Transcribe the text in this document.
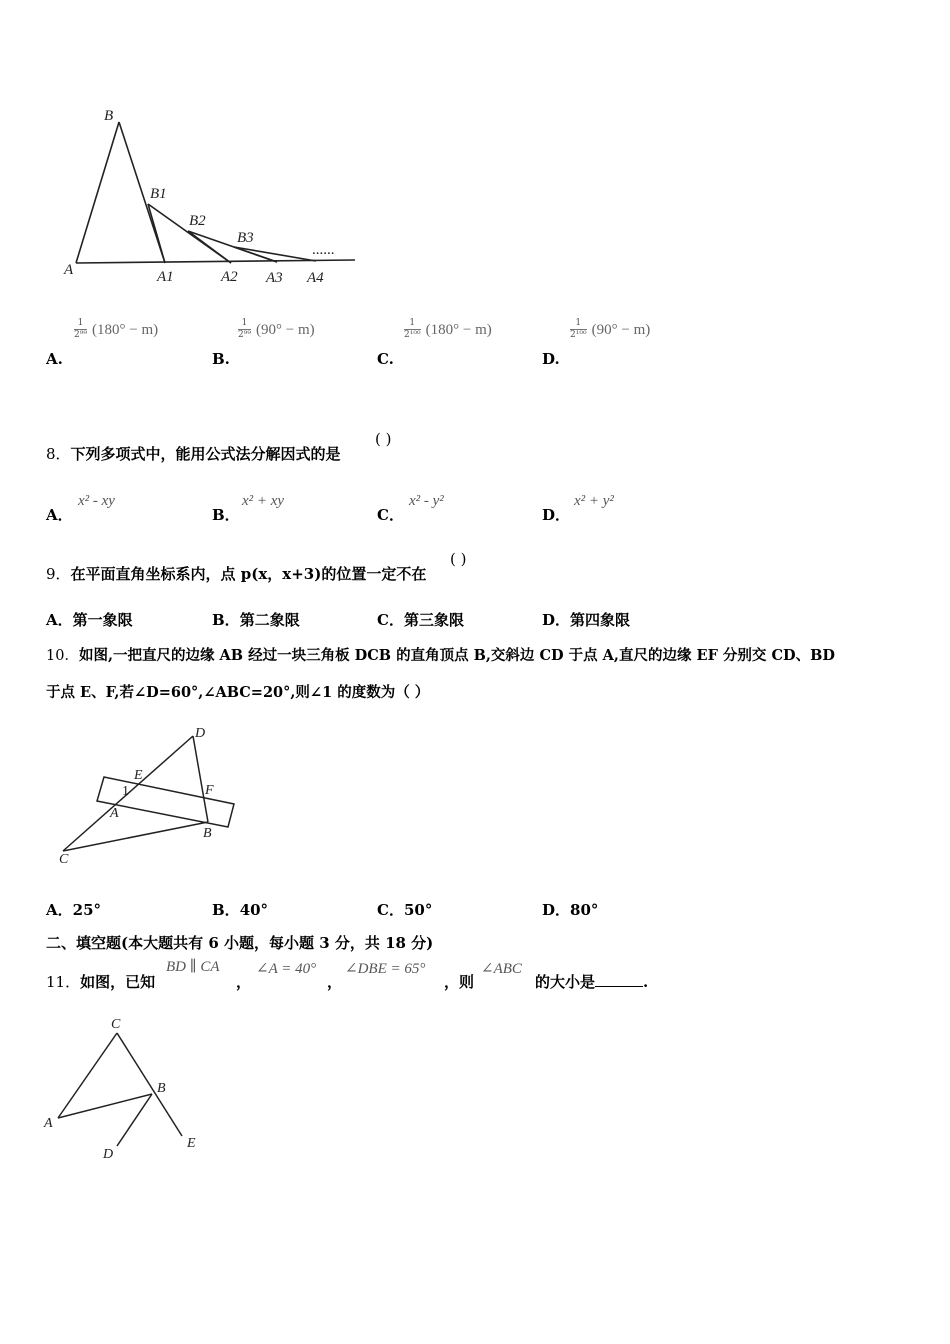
B
B1
B2
B3
......
A	A1	A2 A3 A4
$\frac{1}{\text{2⁹⁹}} (180^\circ - m)$
A.
$\frac{1}{\text{2⁹⁹}} (90^\circ - m)$
B.
$\frac{1}{\text{2¹⁰⁰}} (180^\circ - m)$
C.
$\frac{1}{\text{2¹⁰⁰}} (90^\circ - m)$
D.
8．下列多项式中，能用公式法分解因式的是
( )
A．
x² - xy
B．
x² + xy
C．
x² - y²
D．
x² + y²
9．在平面直角坐标系内，点 p(x，x+3)的位置一定不在
( )
A．第一象限	B．第二象限	C．第三象限	D．第四象限
10．如图,一把直尺的边缘 AB 经过一块三角板 DCB 的直角顶点 B,交斜边 CD 于点 A,直尺的边缘 EF 分别交 CD、BD
于点 E、F,若∠D=60°,∠ABC=20°,则∠1 的度数为（ ）
D
E
1	F
A
B
C
A．25°	B．40°	C．50°	D．80°
二、填空题(本大题共有 6 小题，每小题 3 分，共 18 分)
11．如图，已知
BD ∥ CA
，
∠A = 40°
，
∠DBE = 65°
，则
∠ABC
的大小是	.
C
B
A
D
E
